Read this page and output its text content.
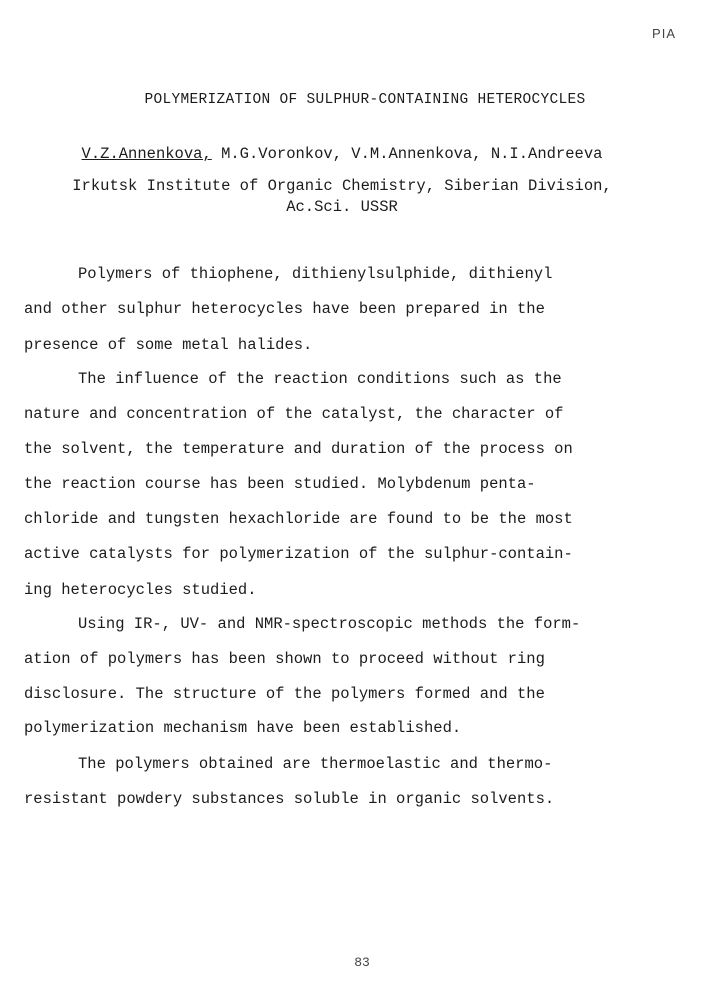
PIA
POLYMERIZATION OF SULPHUR-CONTAINING HETEROCYCLES
V.Z.Annenkova, M.G.Voronkov, V.M.Annenkova, N.I.Andreeva
Irkutsk Institute of Organic Chemistry, Siberian Division,
Ac.Sci. USSR
Polymers of thiophene, dithienylsulphide, dithienyl
and other sulphur heterocycles have been prepared in the
presence of some metal halides.
The influence of the reaction conditions such as the
nature and concentration of the catalyst, the character of
the solvent, the temperature and duration of the process on
the reaction course has been studied. Molybdenum penta-
chloride and tungsten hexachloride are found to be the most
active catalysts for polymerization of the sulphur-contain-
ing heterocycles studied.
Using IR-, UV- and NMR-spectroscopic methods the form-
ation of polymers has been shown to proceed without ring
disclosure. The structure of the polymers formed and the
polymerization mechanism have been established.
The polymers obtained are thermoelastic and thermo-
resistant powdery substances soluble in organic solvents.
83
